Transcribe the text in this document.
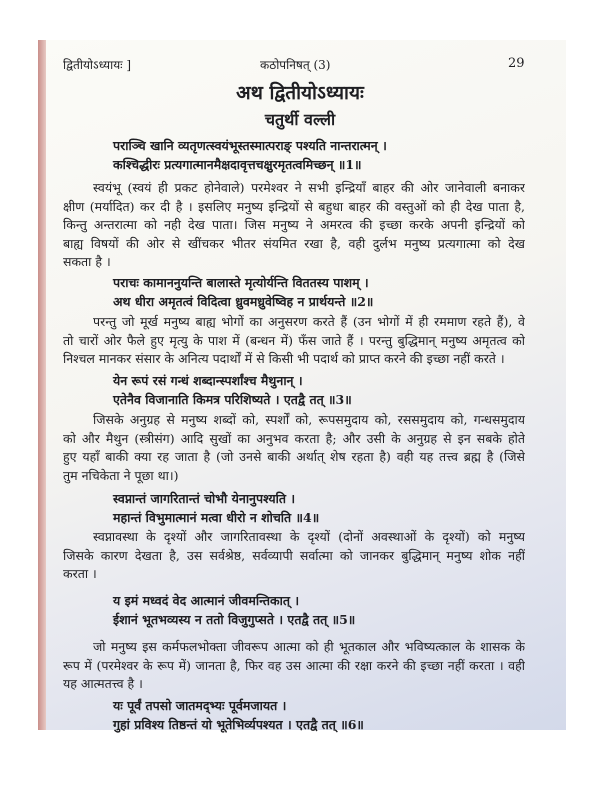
द्वितीयोऽध्यायः ]	कठोपनिषत् (3)	29
अथ द्वितीयोऽध्यायः
चतुर्थी वल्ली
पराञ्चि खानि व्यतृणत्स्वयंभूस्तस्मात्पराङ् पश्यति नान्तरात्मन् ।
कश्चिद्धीरः प्रत्यगात्मानमैक्षदावृत्तचक्षुरमृतत्वमिच्छन् ॥1॥
स्वयंभू (स्वयं ही प्रकट होनेवाले) परमेश्वर ने सभी इन्द्रियाँ बाहर की ओर जानेवाली बनाकर
क्षीण (मर्यादित) कर दी है । इसलिए मनुष्य इन्द्रियों से बहुधा बाहर की वस्तुओं को ही देख पाता है,
किन्तु अन्तरात्मा को नही देख पाता। जिस मनुष्य ने अमरत्व की इच्छा करके अपनी इन्द्रियों को
बाह्य विषयों की ओर से खींचकर भीतर संयमित रखा है, वही दुर्लभ मनुष्य प्रत्यगात्मा को देख
सकता है ।
पराचः कामाननुयन्ति बालास्ते मृत्योर्यन्ति विततस्य पाशम् ।
अथ धीरा अमृतत्वं विदित्वा ध्रुवमध्रुवेष्विह न प्रार्थयन्ते ॥2॥
परन्तु जो मूर्ख मनुष्य बाह्य भोगों का अनुसरण करते हैं (उन भोगों में ही रममाण रहते हैं), वे
तो चारों ओर फैले हुए मृत्यु के पाश में (बन्धन में) फँस जाते हैं । परन्तु बुद्धिमान् मनुष्य अमृतत्व को
निश्चल मानकर संसार के अनित्य पदार्थों में से किसी भी पदार्थ को प्राप्त करने की इच्छा नहीं करते ।
येन रूपं रसं गन्धं शब्दान्स्पर्शांश्च मैथुनान् ।
एतेनैव विजानाति किमत्र परिशिष्यते । एतद्वै तत् ॥3॥
जिसके अनुग्रह से मनुष्य शब्दों को, स्पर्शों को, रूपसमुदाय को, रससमुदाय को, गन्धसमुदाय
को और मैथुन (स्त्रीसंग) आदि सुखों का अनुभव करता है; और उसी के अनुग्रह से इन सबके होते
हुए यहाँ बाकी क्या रह जाता है (जो उनसे बाकी अर्थात् शेष रहता है) वही यह तत्त्व ब्रह्म है (जिसे
तुम नचिकेता ने पूछा था।)
स्वप्नान्तं जागरितान्तं चोभौ येनानुपश्यति ।
महान्तं विभुमात्मानं मत्वा धीरो न शोचति ॥4॥
स्वप्नावस्था के दृश्यों और जागरितावस्था के दृश्यों (दोनों अवस्थाओं के दृश्यों) को मनुष्य
जिसके कारण देखता है, उस सर्वश्रेष्ठ, सर्वव्यापी सर्वात्मा को जानकर बुद्धिमान् मनुष्य शोक नहीं
करता ।
य इमं मध्वदं वेद आत्मानं जीवमन्तिकात् ।
ईशानं भूतभव्यस्य न ततो विजुगुप्सते । एतद्वै तत् ॥5॥
जो मनुष्य इस कर्मफलभोक्ता जीवरूप आत्मा को ही भूतकाल और भविष्यत्काल के शासक के
रूप में (परमेश्वर के रूप में) जानता है, फिर वह उस आत्मा की रक्षा करने की इच्छा नहीं करता । वही
यह आत्मतत्त्व है ।
यः पूर्वं तपसो जातमद्भ्यः पूर्वमजायत ।
गुहां प्रविश्य तिष्ठन्तं यो भूतेभिर्व्यपश्यत । एतद्वै तत् ॥6॥
